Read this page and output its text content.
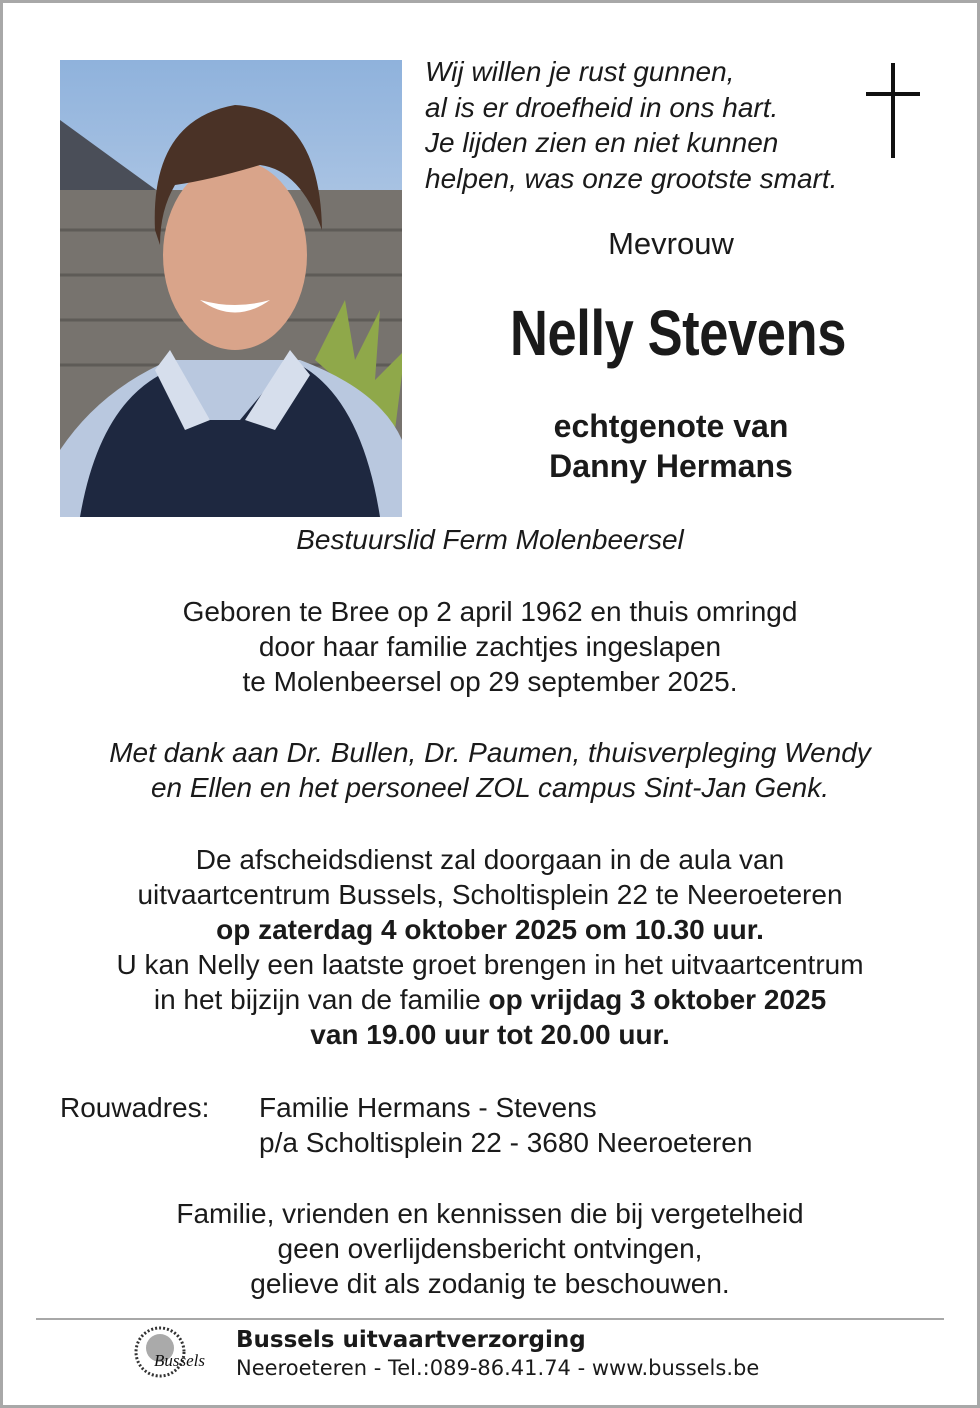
Wij willen je rust gunnen,
al is er droefheid in ons hart.
Je lijden zien en niet kunnen
helpen, was onze grootste smart.
Mevrouw
Nelly Stevens
echtgenote van
Danny Hermans
Bestuurslid Ferm Molenbeersel
Geboren te Bree op 2 april 1962 en thuis omringd
door haar familie zachtjes ingeslapen
te Molenbeersel op 29 september 2025.
Met dank aan Dr. Bullen, Dr. Paumen, thuisverpleging Wendy
en Ellen en het personeel ZOL campus Sint-Jan Genk.
De afscheidsdienst zal doorgaan in de aula van
uitvaartcentrum Bussels, Scholtisplein 22 te Neeroeteren
op zaterdag 4 oktober 2025 om 10.30 uur.
U kan Nelly een laatste groet brengen in het uitvaartcentrum
in het bijzijn van de familie op vrijdag 3 oktober 2025
van 19.00 uur tot 20.00 uur.
Rouwadres:	Familie Hermans - Stevens
p/a Scholtisplein 22 - 3680 Neeroeteren
Familie, vrienden en kennissen die bij vergetelheid
geen overlijdensbericht ontvingen,
gelieve dit als zodanig te beschouwen.
Bussels
Bussels uitvaartverzorging
Neeroeteren - Tel.:089-86.41.74 - www.bussels.be
